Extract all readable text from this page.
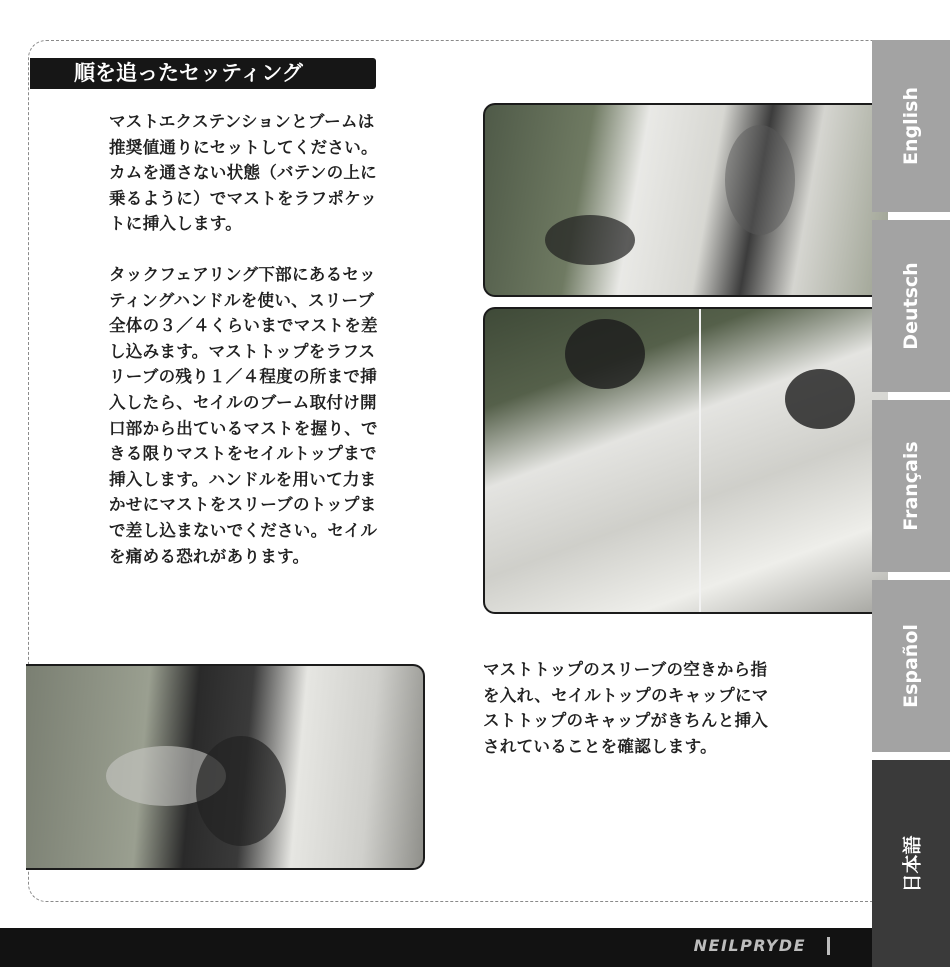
順を追ったセッティング
マストエクステンションとブームは
推奨値通りにセットしてください。
カムを通さない状態（バテンの上に
乗るように）でマストをラフポケッ
トに挿入します。
タックフェアリング下部にあるセッ
ティングハンドルを使い、スリーブ
全体の３／４くらいまでマストを差
し込みます。マストトップをラフス
リーブの残り１／４程度の所まで挿
入したら、セイルのブーム取付け開
口部から出ているマストを握り、で
きる限りマストをセイルトップまで
挿入します。ハンドルを用いて力ま
かせにマストをスリーブのトップま
で差し込まないでください。セイル
を痛める恐れがあります。
マストトップのスリーブの空きから指
を入れ、セイルトップのキャップにマ
ストトップのキャップがきちんと挿入
されていることを確認します。
English
Deutsch
Français
Español
日本語
NEILPRYDE
